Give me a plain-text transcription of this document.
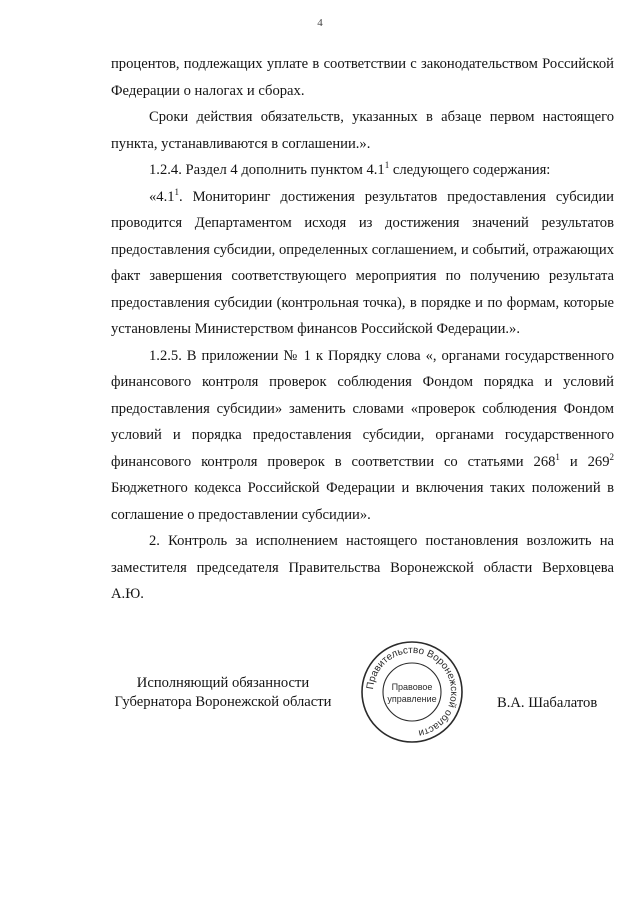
4

процентов, подлежащих уплате в соответствии с законодательством Российской Федерации о налогах и сборах.

Сроки действия обязательств, указанных в абзаце первом настоящего пункта, устанавливаются в соглашении.».

1.2.4. Раздел 4 дополнить пунктом $4.1^1$ следующего содержания:

«$4.1^1$. Мониторинг достижения результатов предоставления субсидии проводится Департаментом исходя из достижения значений результатов предоставления субсидии, определенных соглашением, и событий, отражающих факт завершения соответствующего мероприятия по получению результата предоставления субсидии (контрольная точка), в порядке и по формам, которые установлены Министерством финансов Российской Федерации.».

1.2.5. В приложении № 1 к Порядку слова «, органами государственного финансового контроля проверок соблюдения Фондом порядка и условий предоставления субсидии» заменить словами «проверок соблюдения Фондом условий и порядка предоставления субсидии, органами государственного финансового контроля проверок в соответствии со статьями $268^1$ и $269^2$ Бюджетного кодекса Российской Федерации и включения таких положений в соглашение о предоставлении субсидии».

2. Контроль за исполнением настоящего постановления возложить на заместителя председателя Правительства Воронежской области Верховцева А.Ю.

Исполняющий обязанности
Губернатора Воронежской области
Правительство Воронежской области
Правовое
управление	В.А. Шабалатов
